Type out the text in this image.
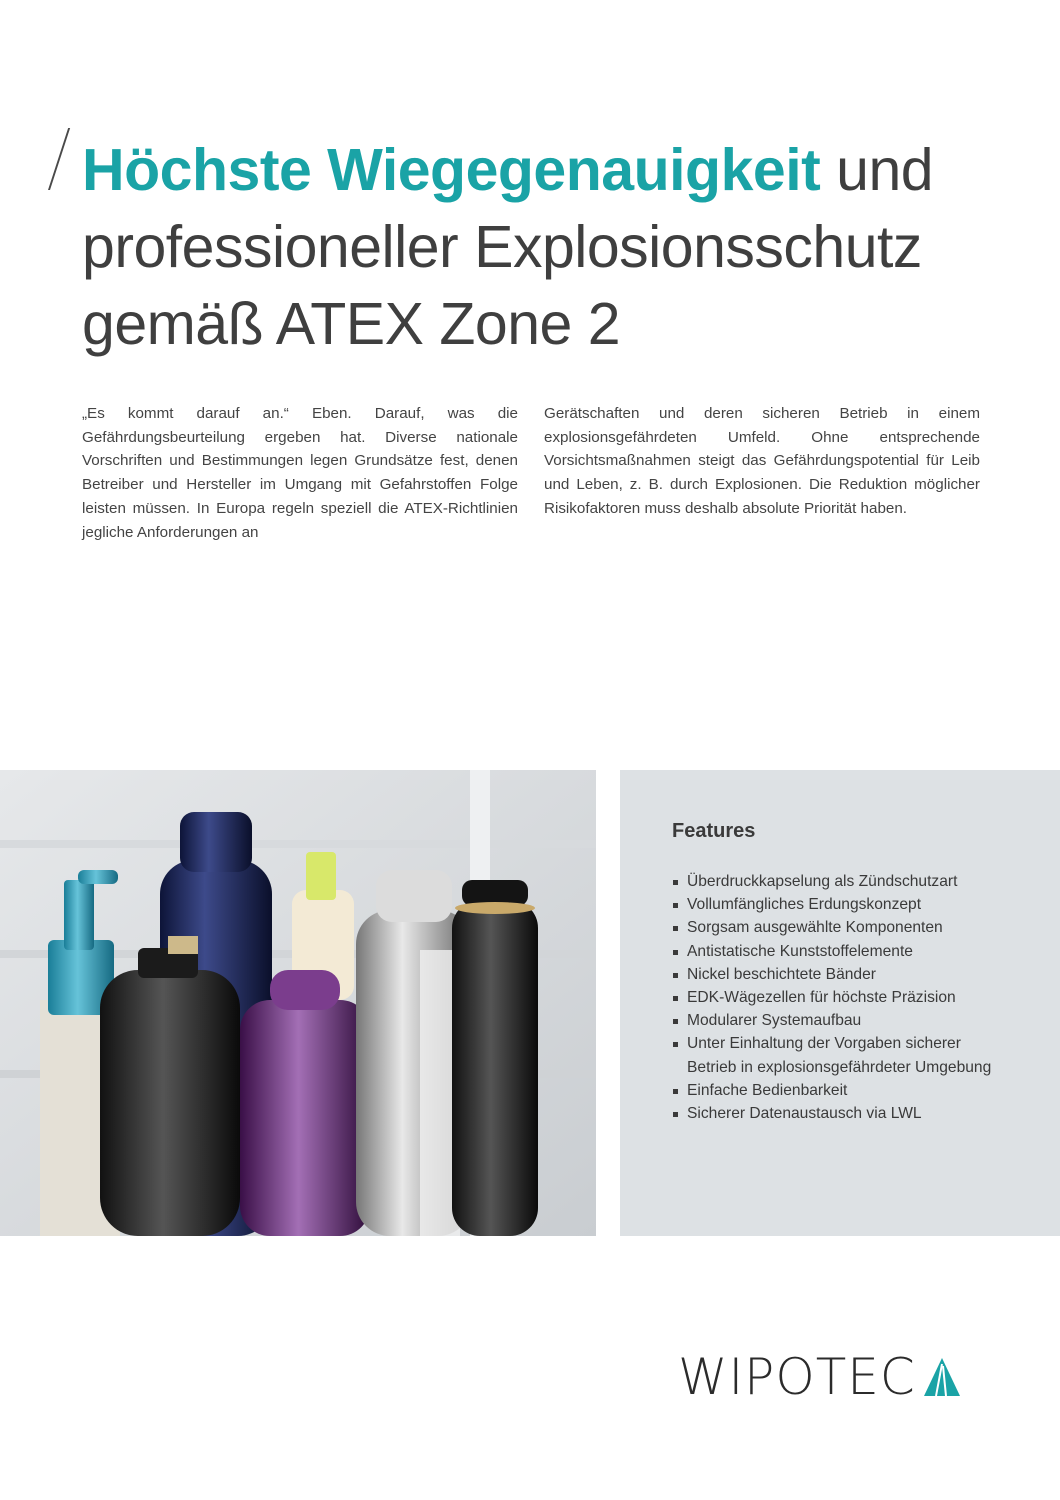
Höchste Wiegegenauigkeit und
professioneller Explosionsschutz
gemäß ATEX Zone 2
„Es kommt darauf an.“ Eben. Darauf, was die Gefährdungsbeurteilung ergeben hat. Diverse nationale Vorschriften und Bestimmungen legen Grundsätze fest, denen Betreiber und Hersteller im Umgang mit Gefahrstoffen Folge leisten müssen. In Europa regeln speziell die ATEX-Richtlinien jegliche Anforderungen an
Gerätschaften und deren sicheren Betrieb in einem explosionsgefährdeten Umfeld. Ohne entsprechende Vorsichtsmaßnahmen steigt das Gefährdungspotential für Leib und Leben, z. B. durch Explosionen. Die Reduktion möglicher Risikofaktoren muss deshalb absolute Priorität haben.
Features
Überdruckkapselung als Zündschutzart
Vollumfängliches Erdungskonzept
Sorgsam ausgewählte Komponenten
Antistatische Kunststoffelemente
Nickel beschichtete Bänder
EDK-Wägezellen für höchste Präzision
Modularer Systemaufbau
Unter Einhaltung der Vorgaben sicherer Betrieb in explosionsgefährdeter Umgebung
Einfache Bedienbarkeit
Sicherer Datenaustausch via LWL
WIPOTEC
